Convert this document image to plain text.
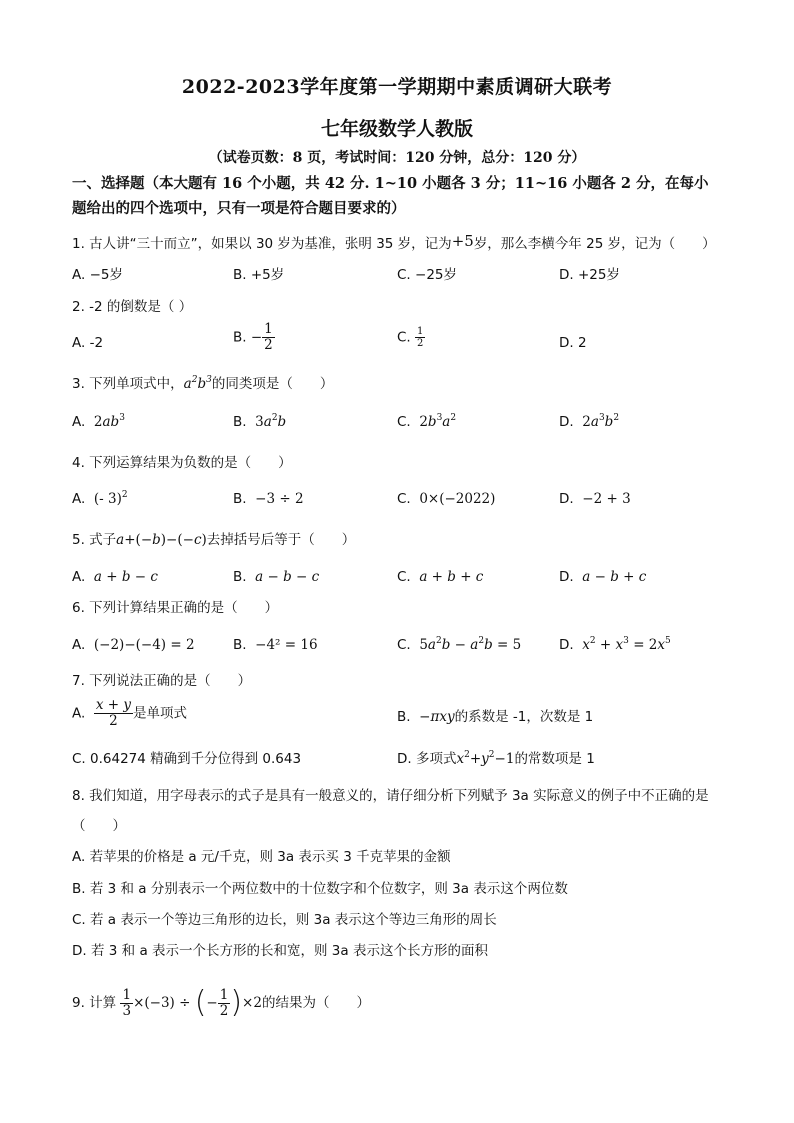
2022-2023学年度第一学期期中素质调研大联考
七年级数学人教版
（试卷页数：8 页，考试时间：120 分钟，总分：120 分）
一、选择题（本大题有 16 个小题，共 42 分. 1~10 小题各 3 分；11~16 小题各 2 分，在每小
题给出的四个选项中，只有一项是符合题目要求的）
1. 古人讲“三十而立”，如果以 30 岁为基准，张明 35 岁，记为+5岁，那么李横今年 25 岁，记为（　　）
A. −5岁	B. +5岁	C. −25岁	D. +25岁
2. -2 的倒数是（ ）
A. -2	B. − $\frac{1}{2}$	C. $\frac{1}{2}$	D. 2
3. 下列单项式中，$a^2b^3$的同类项是（　　）
A. $2ab^3$	B. $3a^2b$	C. $2b^3a^2$	D. $2a^3b^2$
4. 下列运算结果为负数的是（　　）
A. (- 3)$^2$	B. −3 ÷ 2	C. 0×(−2022)	D. −2 + 3
5. 式子a+(−b)−(−c)去掉括号后等于（　　）
A. a + b − c	B. a − b − c	C. a + b + c	D. a − b + c
6. 下列计算结果正确的是（　　）
A. (−2)−(−4) = 2	B. −4² = 16	C. $5a^2b - a^2b = 5$	D. $x^2 + x^3 = 2x^5$
7. 下列说法正确的是（　　）
A. $\frac{x + y}{2}$ 是单项式	B. −πxy的系数是 -1，次数是 1
C. 0.64274 精确到千分位得到 0.643	D. 多项式$x^2+y^2-1$的常数项是 1
8. 我们知道，用字母表示的式子是具有一般意义的，请仔细分析下列赋予 3a 实际意义的例子中不正确的是
（　　）
A. 若苹果的价格是 a 元/千克，则 3a 表示买 3 千克苹果的金额
B. 若 3 和 a 分别表示一个两位数中的十位数字和个位数字，则 3a 表示这个两位数
C. 若 a 表示一个等边三角形的边长，则 3a 表示这个等边三角形的周长
D. 若 3 和 a 表示一个长方形的长和宽，则 3a 表示这个长方形的面积
9. 计算 $\frac{1}{3} \times(-3)$ ÷ (− $\frac{1}{2} )\times 2$的结果为（　　）
